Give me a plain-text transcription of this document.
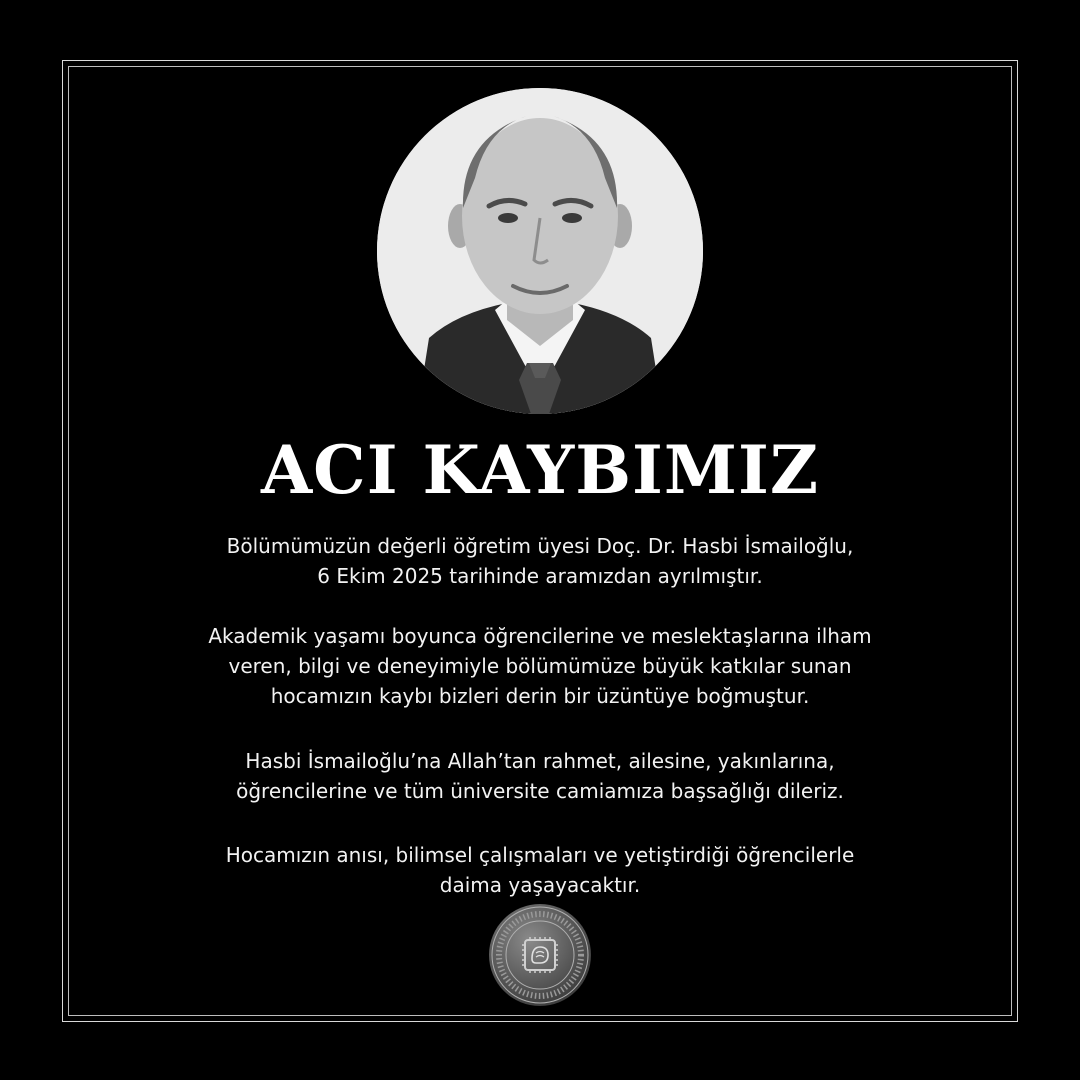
ACI KAYBIMIZ

Bölümümüzün değerli öğretim üyesi Doç. Dr. Hasbi İsmailoğlu,
6 Ekim 2025 tarihinde aramızdan ayrılmıştır.

Akademik yaşamı boyunca öğrencilerine ve meslektaşlarına ilham
veren, bilgi ve deneyimiyle bölümümüze büyük katkılar sunan
hocamızın kaybı bizleri derin bir üzüntüye boğmuştur.

Hasbi İsmailoğlu’na Allah’tan rahmet, ailesine, yakınlarına,
öğrencilerine ve tüm üniversite camiamıza başsağlığı dileriz.

Hocamızın anısı, bilimsel çalışmaları ve yetiştirdiği öğrencilerle
daima yaşayacaktır.
